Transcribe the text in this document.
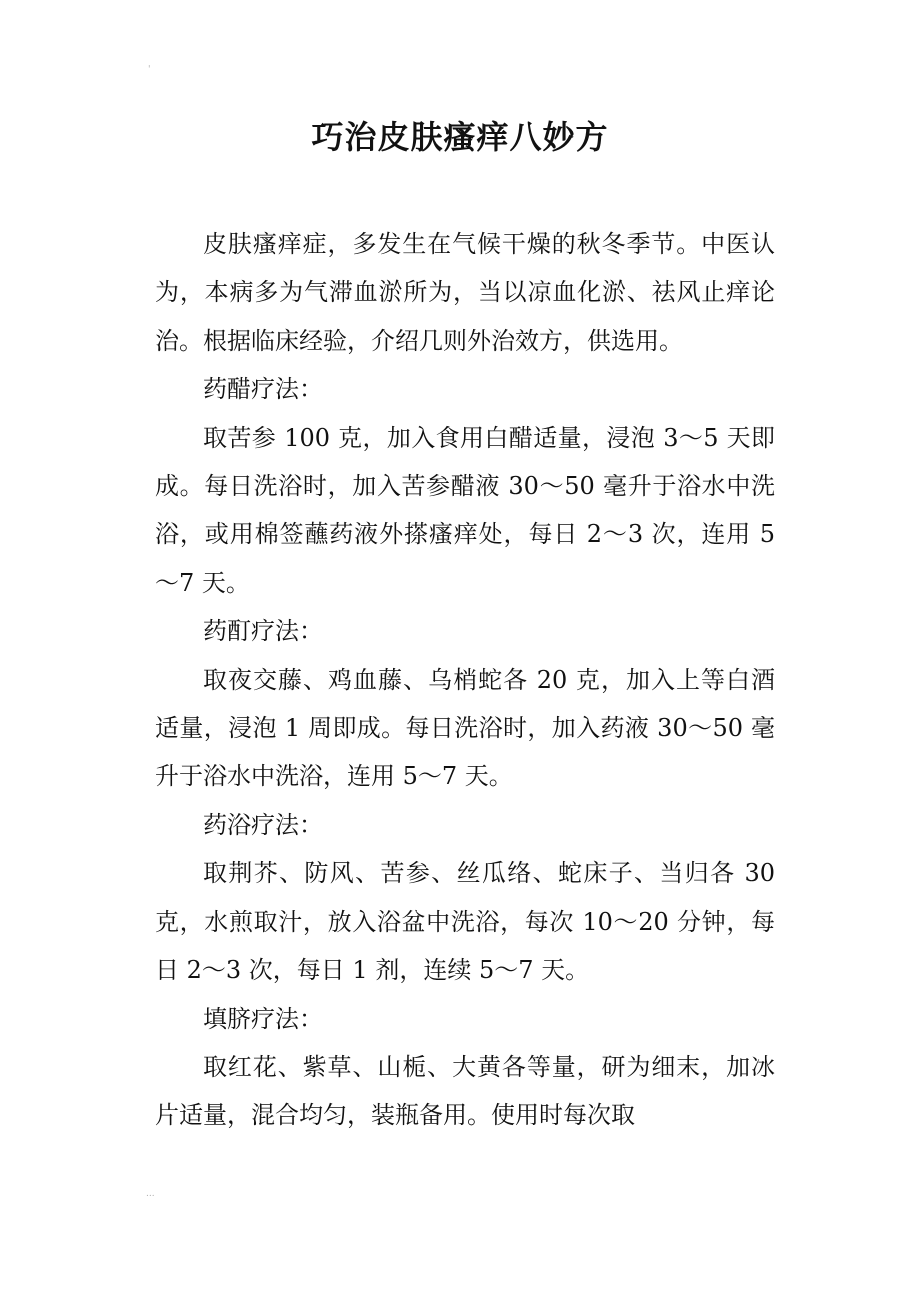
'
...
巧治皮肤瘙痒八妙方

皮肤瘙痒症，多发生在气候干燥的秋冬季节。中医认为，本病多为气滞血淤所为，当以凉血化淤、祛风止痒论治。根据临床经验，介绍几则外治效方，供选用。

药醋疗法：

取苦参 100 克，加入食用白醋适量，浸泡 3～5 天即成。每日洗浴时，加入苦参醋液 30～50 毫升于浴水中洗浴，或用棉签蘸药液外搽瘙痒处，每日 2～3 次，连用 5～7 天。

药酊疗法：

取夜交藤、鸡血藤、乌梢蛇各 20 克，加入上等白酒适量，浸泡 1 周即成。每日洗浴时，加入药液 30～50 毫升于浴水中洗浴，连用 5～7 天。

药浴疗法：

取荆芥、防风、苦参、丝瓜络、蛇床子、当归各 30 克，水煎取汁，放入浴盆中洗浴，每次 10～20 分钟，每日 2～3 次，每日 1 剂，连续 5～7 天。

填脐疗法：

取红花、紫草、山栀、大黄各等量，研为细末，加冰片适量，混合均匀，装瓶备用。使用时每次取
